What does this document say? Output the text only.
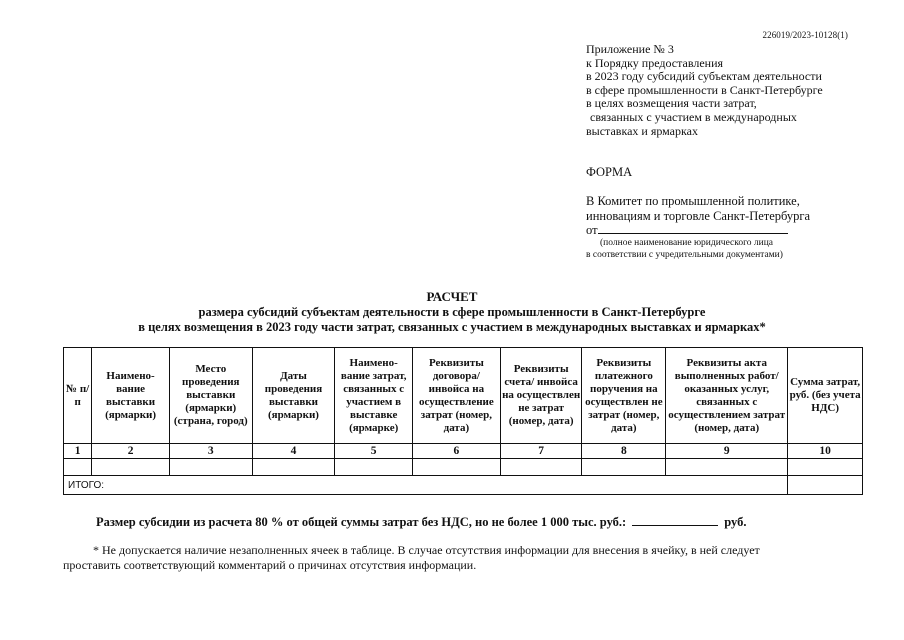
226019/2023-10128(1)
Приложение № 3
к Порядку предоставления
в 2023 году субсидий субъектам деятельности
в сфере промышленности в Санкт-Петербурге
в целях возмещения части затрат,
связанных с участием в международных
выставках и ярмарках
ФОРМА
В Комитет по промышленной политике,
инновациям и торговле Санкт-Петербурга
от
(полное наименование юридического лица
в соответствии с учредительными документами)
РАСЧЕТ
размера субсидий субъектам деятельности в сфере промышленности в Санкт-Петербурге
в целях возмещения в 2023 году части затрат, связанных с участием в международных выставках и ярмарках*
№ п/п	Наимено-вание выставки (ярмарки)	Место проведения выставки (ярмарки) (страна, город)	Даты проведения выставки (ярмарки)	Наимено-вание затрат, связанных с участием в выставке (ярмарке)	Реквизиты договора/ инвойса на осуществление затрат (номер, дата)	Реквизиты счета/ инвойса на осуществлен не затрат (номер, дата)	Реквизиты платежного поручения на осуществлен не затрат (номер, дата)	Реквизиты акта выполненных работ/оказанных услуг, связанных с осуществлением затрат (номер, дата)	Сумма затрат, руб. (без учета НДС)
1	2	3	4	5	6	7	8	9	10

ИТОГО:									
Размер субсидии из расчета 80 % от общей суммы затрат без НДС, но не более 1 000 тыс. руб.:	руб.
* Не допускается наличие незаполненных ячеек в таблице. В случае отсутствия информации для внесения в ячейку, в ней следует
проставить соответствующий комментарий о причинах отсутствия информации.
